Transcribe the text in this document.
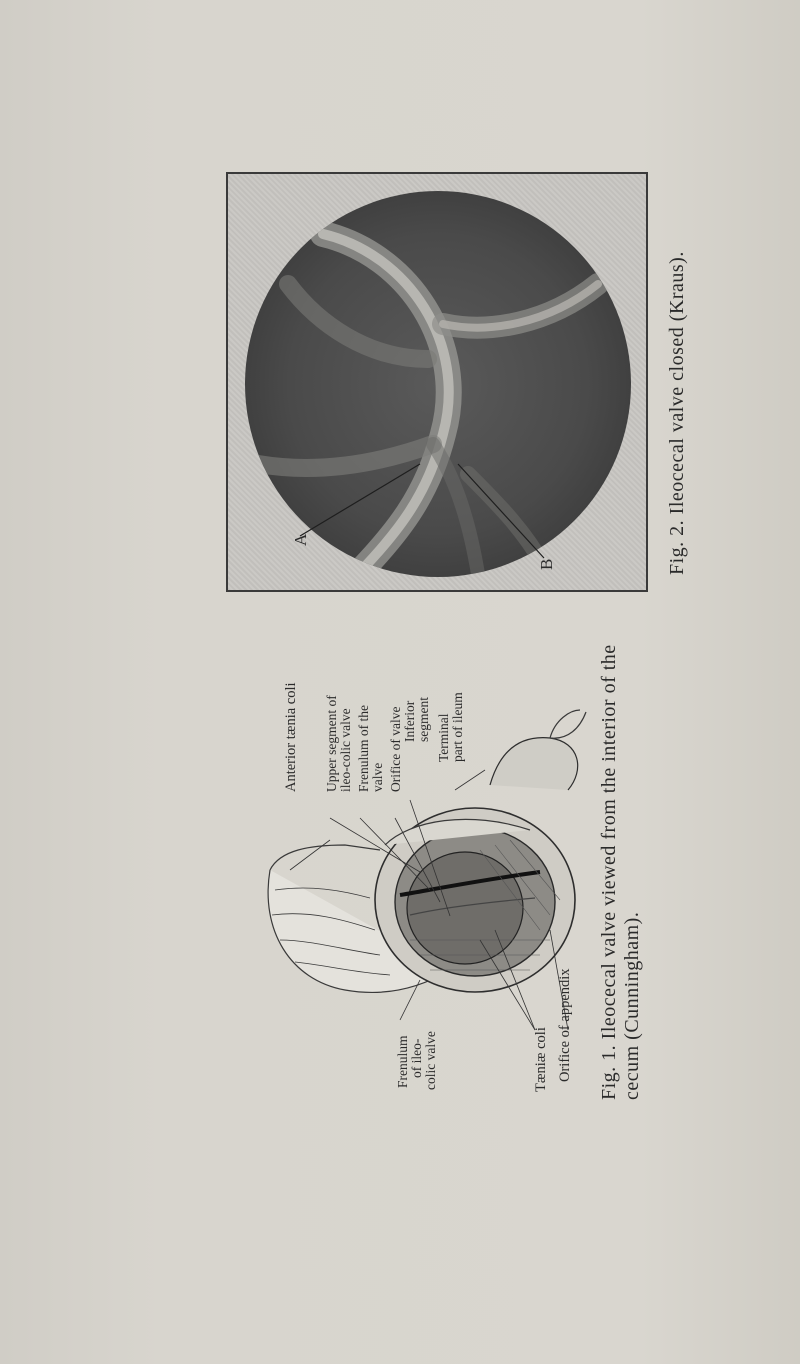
A
B	Fig. 2. Ileocecal valve closed (Kraus).
Anterior tænia coli Upper segment of ileo-colic valve Frenulum of the valve Orifice of valve Inferior segment Terminal part of ileum
Frenulum of ileo- colic valve	Tæniæ coli Orifice of appendix Fig. 1. Ileocecal valve viewed from the interior of the cecum (Cunningham).
